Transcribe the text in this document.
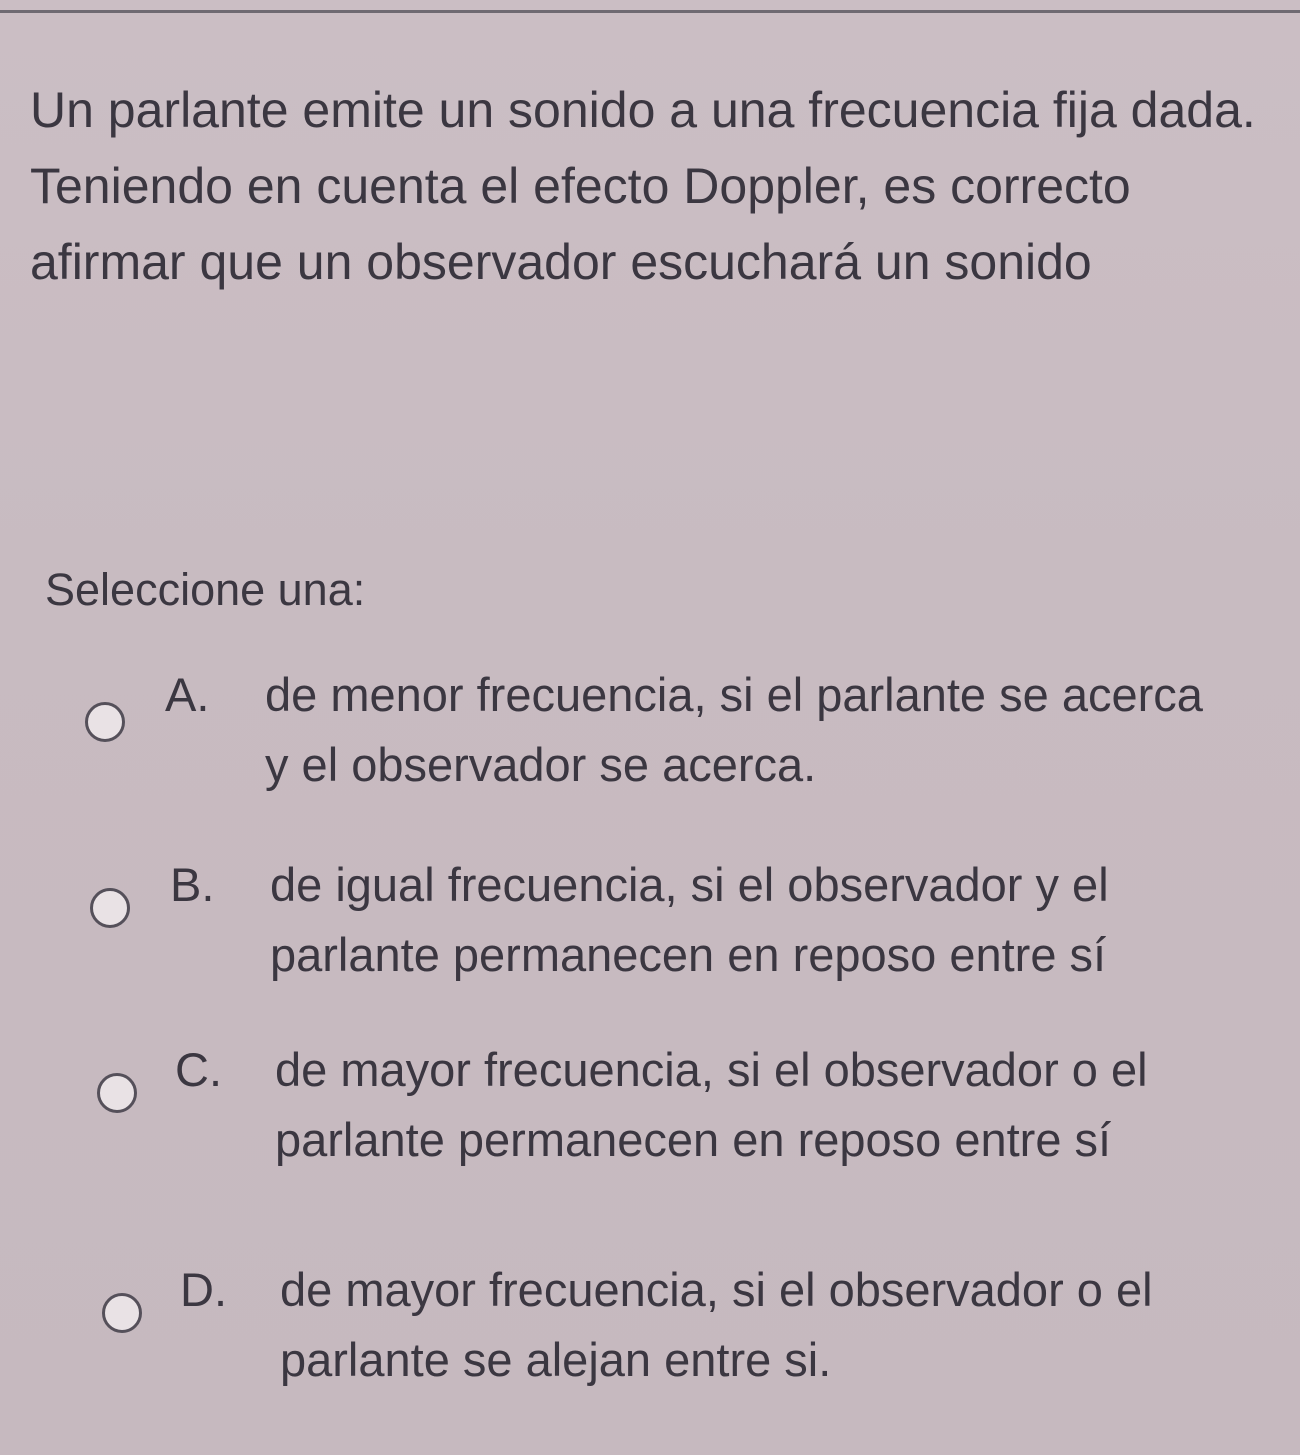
Un parlante emite un sonido a una frecuencia fija dada. Teniendo en cuenta el efecto Doppler, es correcto afirmar que un observador escuchará un sonido

Seleccione una:

A. de menor frecuencia, si el parlante se acerca y el observador se acerca.
B. de igual frecuencia, si el observador y el parlante permanecen en reposo entre sí
C. de mayor frecuencia, si el observador o el parlante permanecen en reposo entre sí
D. de mayor frecuencia, si el observador o el parlante se alejan entre si.
